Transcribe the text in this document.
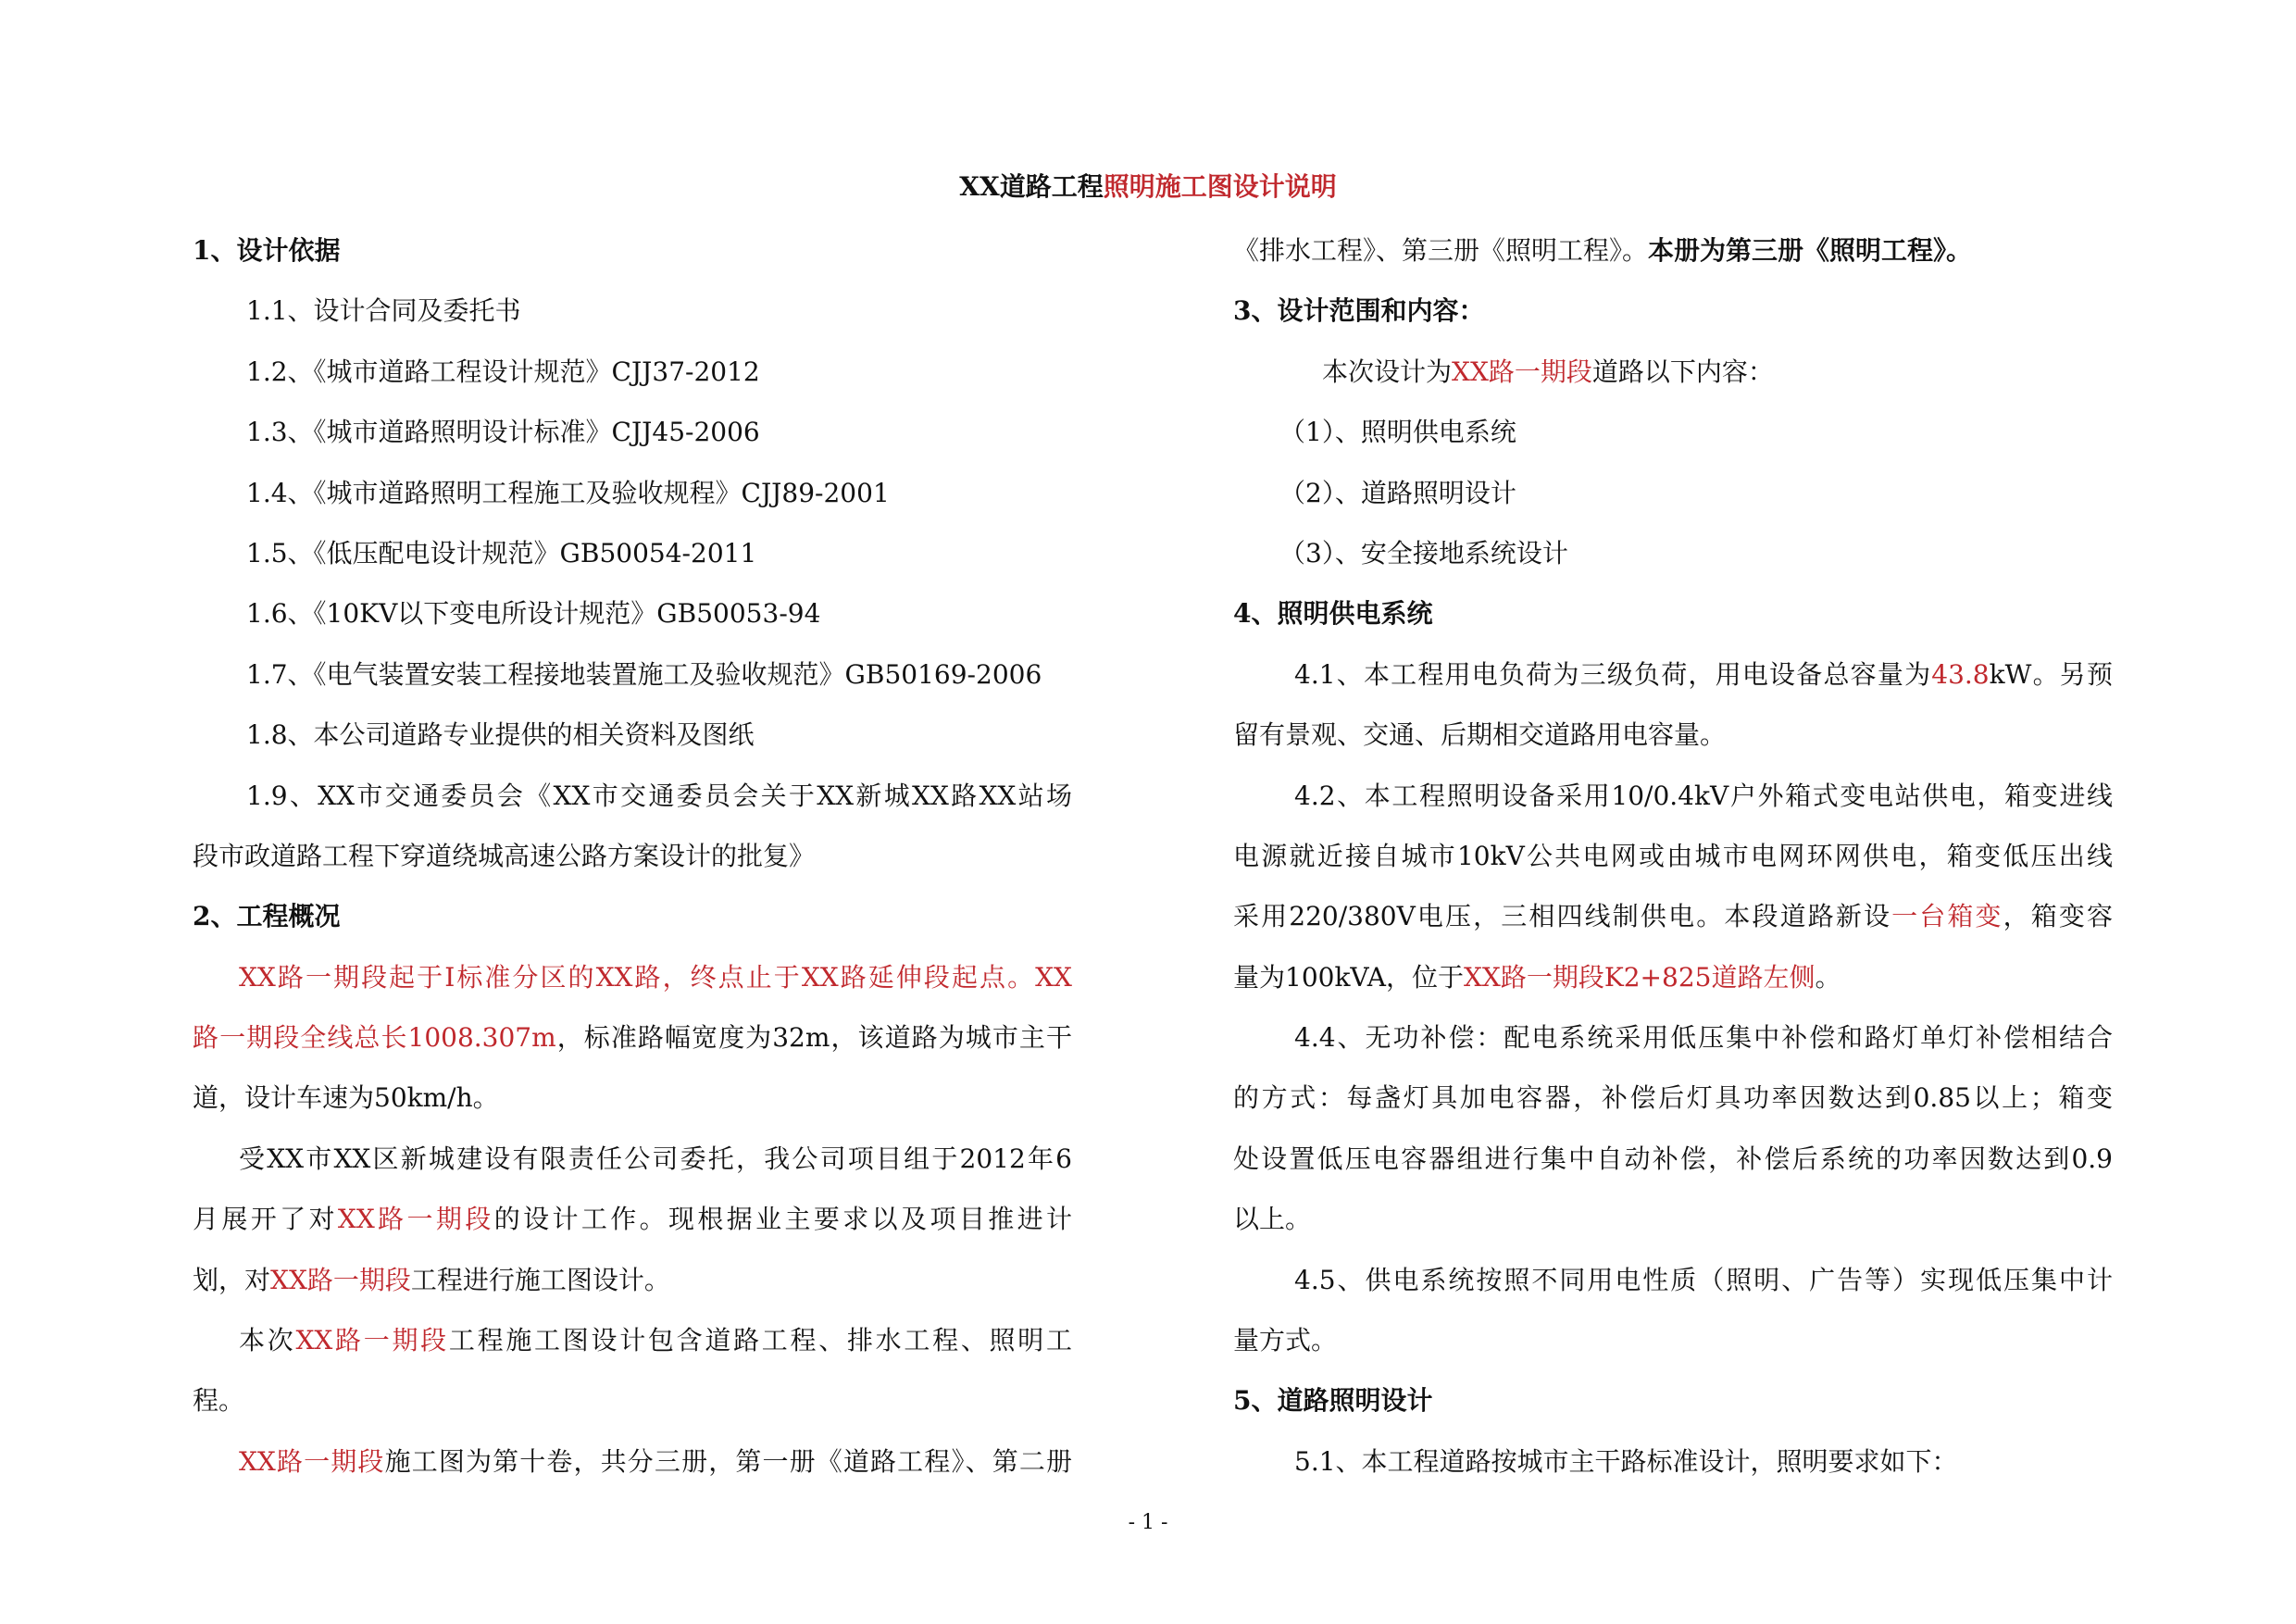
XX道路工程照明施工图设计说明
1、设计依据
1.1、设计合同及委托书
1.2、《城市道路工程设计规范》CJJ37-2012
1.3、《城市道路照明设计标准》CJJ45-2006
1.4、《城市道路照明工程施工及验收规程》CJJ89-2001
1.5、《低压配电设计规范》GB50054-2011
1.6、《10KV以下变电所设计规范》GB50053-94
1.7、《电气装置安装工程接地装置施工及验收规范》GB50169-2006
1.8、本公司道路专业提供的相关资料及图纸
1.9、XX市交通委员会《XX市交通委员会关于XX新城XX路XX站场
段市政道路工程下穿道绕城高速公路方案设计的批复》
2、工程概况
XX路一期段起于Ⅰ标准分区的XX路，终点止于XX路延伸段起点。XX
路一期段全线总长1008.307m，标准路幅宽度为32m，该道路为城市主干
道，设计车速为50km/h。
受XX市XX区新城建设有限责任公司委托，我公司项目组于2012年6
月展开了对XX路一期段的设计工作。现根据业主要求以及项目推进计
划，对XX路一期段工程进行施工图设计。
本次XX路一期段工程施工图设计包含道路工程、排水工程、照明工
程。
XX路一期段施工图为第十卷，共分三册，第一册《道路工程》、第二册
《排水工程》、第三册《照明工程》。本册为第三册《照明工程》。
3、设计范围和内容：
本次设计为XX路一期段道路以下内容：
（1）、照明供电系统
（2）、道路照明设计
（3）、安全接地系统设计
4、照明供电系统
4.1、本工程用电负荷为三级负荷，用电设备总容量为43.8kW。另预
留有景观、交通、后期相交道路用电容量。
4.2、本工程照明设备采用10/0.4kV户外箱式变电站供电，箱变进线
电源就近接自城市10kV公共电网或由城市电网环网供电，箱变低压出线
采用220/380V电压，三相四线制供电。本段道路新设一台箱变，箱变容
量为100kVA，位于XX路一期段K2+825道路左侧。
4.4、无功补偿：配电系统采用低压集中补偿和路灯单灯补偿相结合
的方式：每盏灯具加电容器，补偿后灯具功率因数达到0.85以上；箱变
处设置低压电容器组进行集中自动补偿，补偿后系统的功率因数达到0.9
以上。
4.5、供电系统按照不同用电性质（照明、广告等）实现低压集中计
量方式。
5、道路照明设计
5.1、本工程道路按城市主干路标准设计，照明要求如下：
- 1 -
